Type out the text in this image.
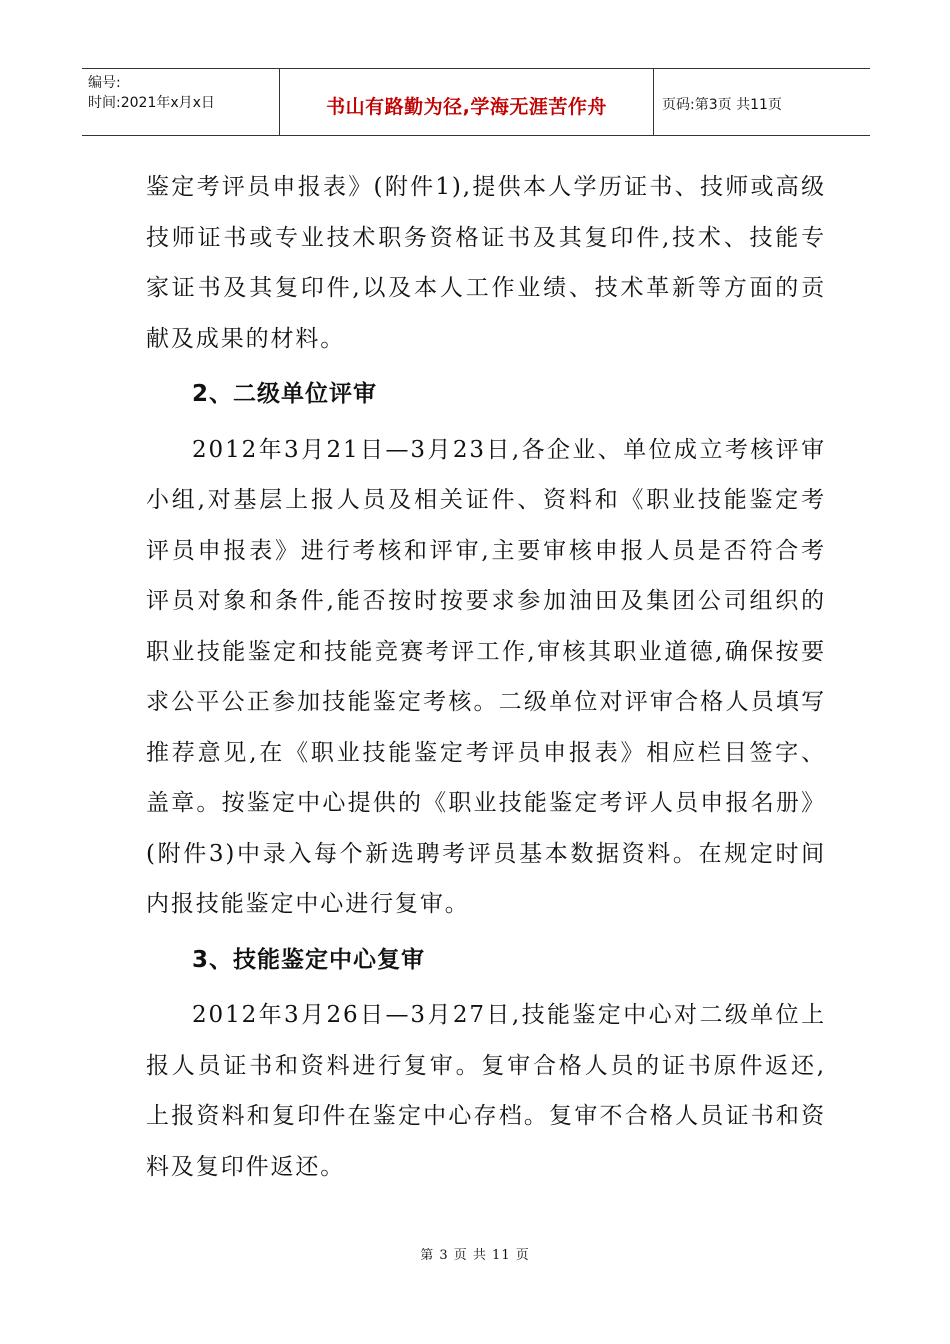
编号:
时间:2021年x月x日	书山有路勤为径,学海无涯苦作舟	页码:第3页 共11页

鉴定考评员申报表》(附件1),提供本人学历证书、技师或高级技师证书或专业技术职务资格证书及其复印件,技术、技能专家证书及其复印件,以及本人工作业绩、技术革新等方面的贡献及成果的材料。

2、二级单位评审

2012年3月21日—3月23日,各企业、单位成立考核评审小组,对基层上报人员及相关证件、资料和《职业技能鉴定考评员申报表》进行考核和评审,主要审核申报人员是否符合考评员对象和条件,能否按时按要求参加油田及集团公司组织的职业技能鉴定和技能竞赛考评工作,审核其职业道德,确保按要求公平公正参加技能鉴定考核。二级单位对评审合格人员填写推荐意见,在《职业技能鉴定考评员申报表》相应栏目签字、盖章。按鉴定中心提供的《职业技能鉴定考评人员申报名册》(附件3)中录入每个新选聘考评员基本数据资料。在规定时间内报技能鉴定中心进行复审。

3、技能鉴定中心复审

2012年3月26日—3月27日,技能鉴定中心对二级单位上报人员证书和资料进行复审。复审合格人员的证书原件返还,上报资料和复印件在鉴定中心存档。复审不合格人员证书和资料及复印件返还。

第 3 页 共 11 页
